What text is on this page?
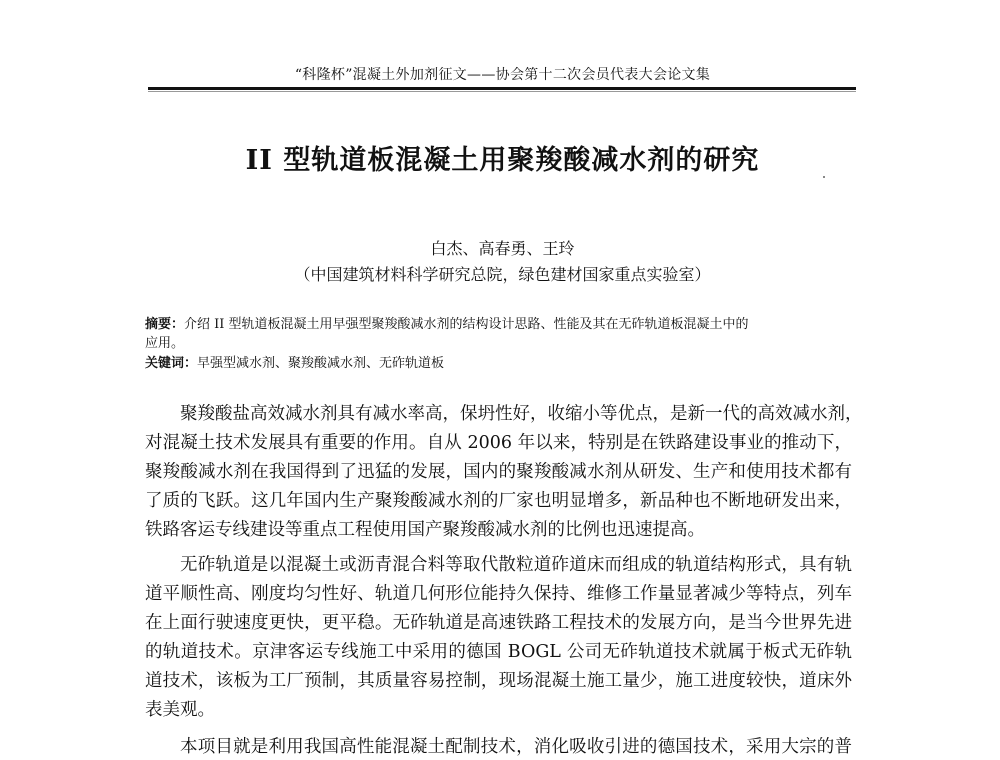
“科隆杯”混凝土外加剂征文——协会第十二次会员代表大会论文集
II 型轨道板混凝土用聚羧酸减水剂的研究
白杰、高春勇、王玲
（中国建筑材料科学研究总院，绿色建材国家重点实验室）
摘要：介绍 II 型轨道板混凝土用早强型聚羧酸减水剂的结构设计思路、性能及其在无砟轨道板混凝土中的
应用。
关键词：早强型减水剂、聚羧酸减水剂、无砟轨道板
聚羧酸盐高效减水剂具有减水率高，保坍性好，收缩小等优点，是新一代的高效减水剂，
对混凝土技术发展具有重要的作用。自从 2006 年以来，特别是在铁路建设事业的推动下，
聚羧酸减水剂在我国得到了迅猛的发展，国内的聚羧酸减水剂从研发、生产和使用技术都有
了质的飞跃。这几年国内生产聚羧酸减水剂的厂家也明显增多，新品种也不断地研发出来，
铁路客运专线建设等重点工程使用国产聚羧酸减水剂的比例也迅速提高。
无砟轨道是以混凝土或沥青混合料等取代散粒道砟道床而组成的轨道结构形式，具有轨
道平顺性高、刚度均匀性好、轨道几何形位能持久保持、维修工作量显著减少等特点，列车
在上面行驶速度更快，更平稳。无砟轨道是高速铁路工程技术的发展方向，是当今世界先进
的轨道技术。京津客运专线施工中采用的德国 BOGL 公司无砟轨道技术就属于板式无砟轨
道技术，该板为工厂预制，其质量容易控制，现场混凝土施工量少，施工进度较快，道床外
表美观。
本项目就是利用我国高性能混凝土配制技术，消化吸收引进的德国技术，采用大宗的普
